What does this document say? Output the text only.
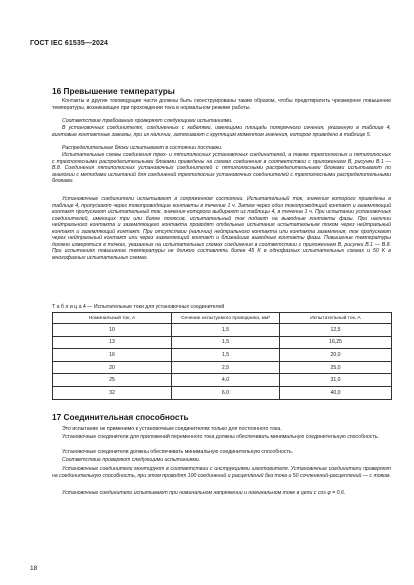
ГОСТ IEC 61535—2024
16 Превышение температуры

Контакты и другие токоведущие части должны быть сконструированы таким образом, чтобы предотвратить чрезмерное повышение температуры, возникающее при прохождении тока в нормальном режиме работы.

Соответствие требованию проверяют следующими испытаниями.

В установочных соединителях, соединенных с кабелями, имеющими площадь поперечного сечения, указанную в таблице 4, винтовые контактные зажимы, при их наличии, затягивают с крутящим моментом значения, которое приведено в таблице 5.

Распределительные блоки испытывают в состоянии поставки.

Испытательные схемы соединения трех- и пятиполюсных установочных соединителей, а также трехполюсных и пятиполюсных с трехполюсными распределительными блоками приведены на схемах соединения в соответствии с приложением B, рисунки B.1 — B.8. Соединения пятиполюсных установочных соединителей с пятиполюсными распределительными блоками испытывают по аналогии с методами испытаний для соединений трехполюсных установочных соединителей с трехполюсными распределительными блоками.

Установочные соединители испытывают в сопряженном состоянии. Испытательный ток, значения которого приведены в таблице 4, пропускают через токопроводящие контакты в течение 1 ч. Затем через один токопроводящий контакт и заземляющий контакт пропускают испытательный ток, значения которого выбирают из таблицы 4, в течение 1 ч. При испытании установочных соединителей, имеющих три или более полюсов, испытательный ток подают на выводные контакты фазы. При наличии нейтрального контакта и заземляющего контакта проводят отдельные испытания испытательным током через нейтральный контакт и заземляющий контакт. При отсутствии (наличии) нейтрального контакта или контакта заземления, ток пропускают через нейтральный контакт или через заземляющий контакт и ближайшие выводные контакты фазы. Повышение температуры должно измеряться в точках, указанных на испытательных схемах соединения в соответствии с приложением B, рисунки B.1 — B.8. При испытаниях повышение температуры не должно составлять более 45 K в однофазных испытательных схемах и 50 K в многофазных испытательных схемах.

Т а б л и ц а 4 — Испытательные токи для установочных соединителей
Номинальный ток, А	Сечение испытуемого проводника, мм²	Испытательный ток, А
10	1,5	12,5
13	1,5	16,25
16	1,5	20,0
20	2,5	25,0
25	4,0	31,0
32	6,0	40,0
17 Соединительная способность

Это испытание не применимо к установочным соединителям только для постоянного тока.

Установочные соединители для приложений переменного тока должны обеспечивать минимальную соединительную способность.

Установочные соединители должны обеспечивать минимальную соединительную способность.

Соответствие проверяют следующими испытаниями.

Установочные соединители монтируют в соответствии с инструкциями изготовителя. Установочные соединители проверяют на соединительную способность, при этом проводят 100 соединений и расцеплений без тока и 50 сочленений-расцеплений — с током.

Установочные соединители испытывают при номинальном напряжении и номинальном токе в цепи с cos φ = 0,6.

18
